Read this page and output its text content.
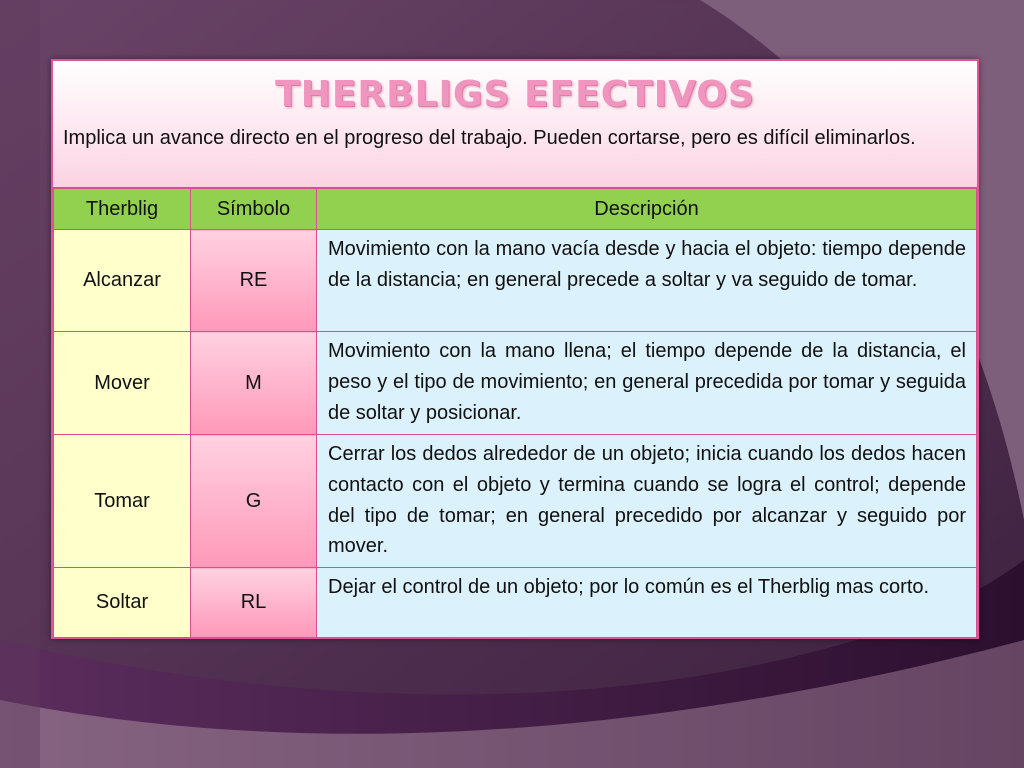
THERBLIGS EFECTIVOS
Implica un avance directo en el progreso del trabajo. Pueden cortarse, pero es difícil eliminarlos.
Therblig	Símbolo	Descripción
Alcanzar	RE	Movimiento con la mano vacía desde y hacia el objeto: tiempo depende de la distancia; en general precede a soltar y va seguido de tomar.
Mover	M	Movimiento con la mano llena; el tiempo depende de la distancia, el peso y el tipo de movimiento; en general precedida por tomar y seguida de soltar y posicionar.
Tomar	G	Cerrar los dedos alrededor de un objeto; inicia cuando los dedos hacen contacto con el objeto y termina cuando se logra el control; depende del tipo de tomar; en general precedido por alcanzar y seguido por mover.
Soltar	RL	Dejar el control de un objeto; por lo común es el Therblig mas corto.
